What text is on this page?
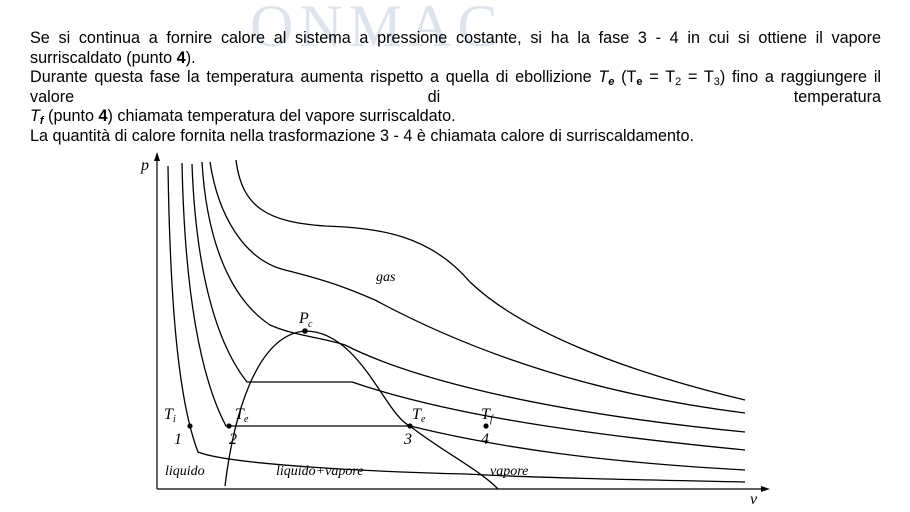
ONMAC

Se si continua a fornire calore al sistema a pressione costante, si ha la fase 3 - 4 in cui si ottiene il vapore surriscaldato (punto 4).

Durante questa fase la temperatura aumenta rispetto a quella di ebollizione $T_e$ $(T_e = T_2 = T_3)$ fino a raggiungere il valore di temperatura

$T_f$ (punto 4) chiamata temperatura del vapore surriscaldato.

La quantità di calore fornita nella trasformazione 3 - 4 è chiamata calore di surriscaldamento.

p
v
gas
P c
T i	T e	T e	T f
1	2	3	4
liquido	liquido+vapore	vapore
